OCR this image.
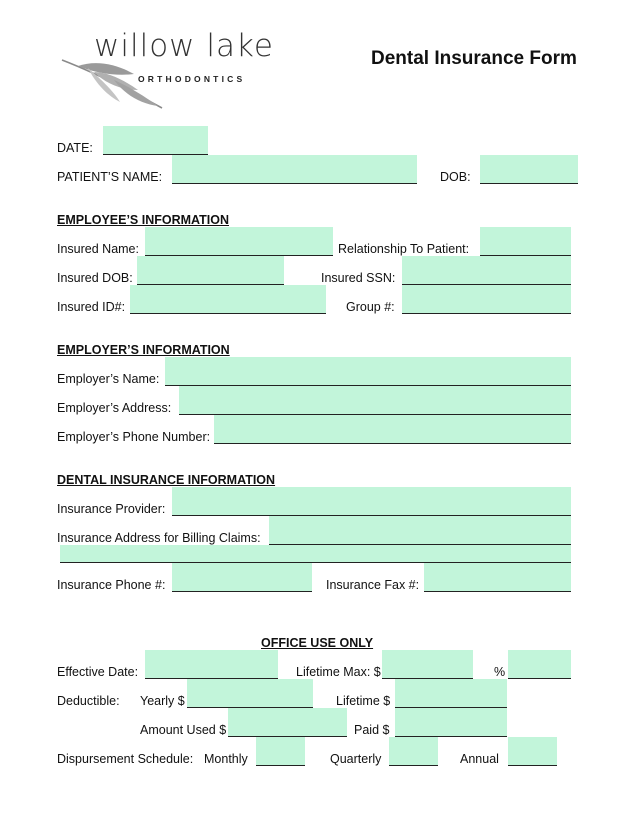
willow lake
ORTHODONTICS
Dental Insurance Form
DATE:
PATIENT’S NAME:	DOB:
EMPLOYEE’S INFORMATION
Insured Name:	Relationship To Patient:
Insured DOB:	Insured SSN:
Insured ID#:	Group #:
EMPLOYER’S INFORMATION
Employer’s Name:
Employer’s Address:
Employer’s Phone Number:
DENTAL INSURANCE INFORMATION
Insurance Provider:
Insurance Address for Billing Claims:
Insurance Phone #:	Insurance Fax #:
OFFICE USE ONLY
Effective Date:	Lifetime Max: $	%
Deductible: Yearly $	Lifetime $
Amount Used $	Paid $
Dispursement Schedule: Monthly	Quarterly	Annual
